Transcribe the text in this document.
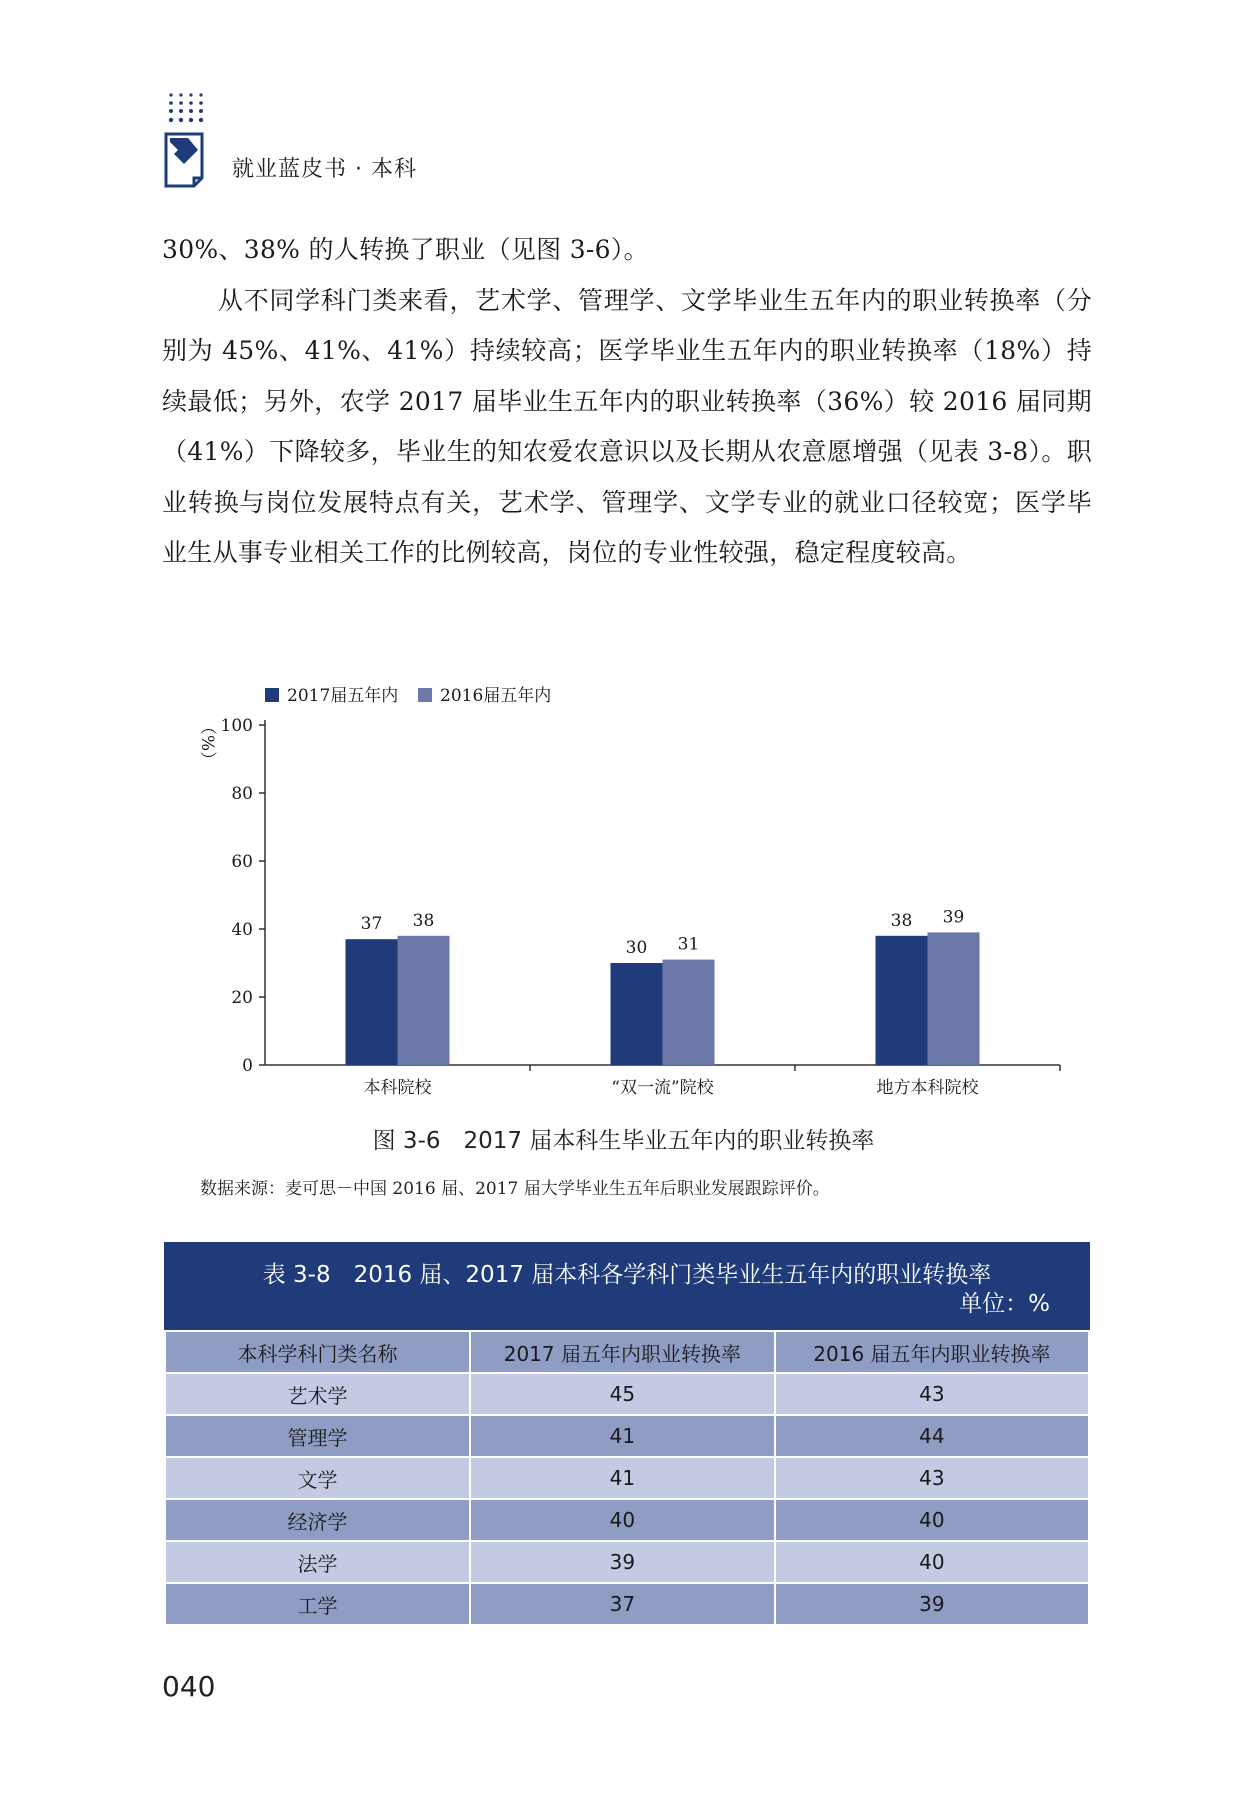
就业蓝皮书 · 本科

30%、38% 的人转换了职业（见图 3-6）。

从不同学科门类来看，艺术学、管理学、文学毕业生五年内的职业转换率（分别为 45%、41%、41%）持续较高；医学毕业生五年内的职业转换率（18%）持续最低；另外，农学 2017 届毕业生五年内的职业转换率（36%）较 2016 届同期（41%）下降较多，毕业生的知农爱农意识以及长期从农意愿增强（见表 3-8）。职业转换与岗位发展特点有关，艺术学、管理学、文学专业的就业口径较宽；医学毕业生从事专业相关工作的比例较高，岗位的专业性较强，稳定程度较高。

0
20
40
60
80
100
（%）
37 38
本科院校
30 31
“双一流”院校
38 39
地方本科院校
2017届五年内 2016届五年内
图 3-6　2017 届本科生毕业五年内的职业转换率
数据来源：麦可思－中国 2016 届、2017 届大学毕业生五年后职业发展跟踪评价。
表 3-8　2016 届、2017 届本科各学科门类毕业生五年内的职业转换率
单位：%
本科学科门类名称	2017 届五年内职业转换率	2016 届五年内职业转换率
艺术学	45	43
管理学	41	44
文学	41	43
经济学	40	40
法学	39	40
工学	37	39
040
